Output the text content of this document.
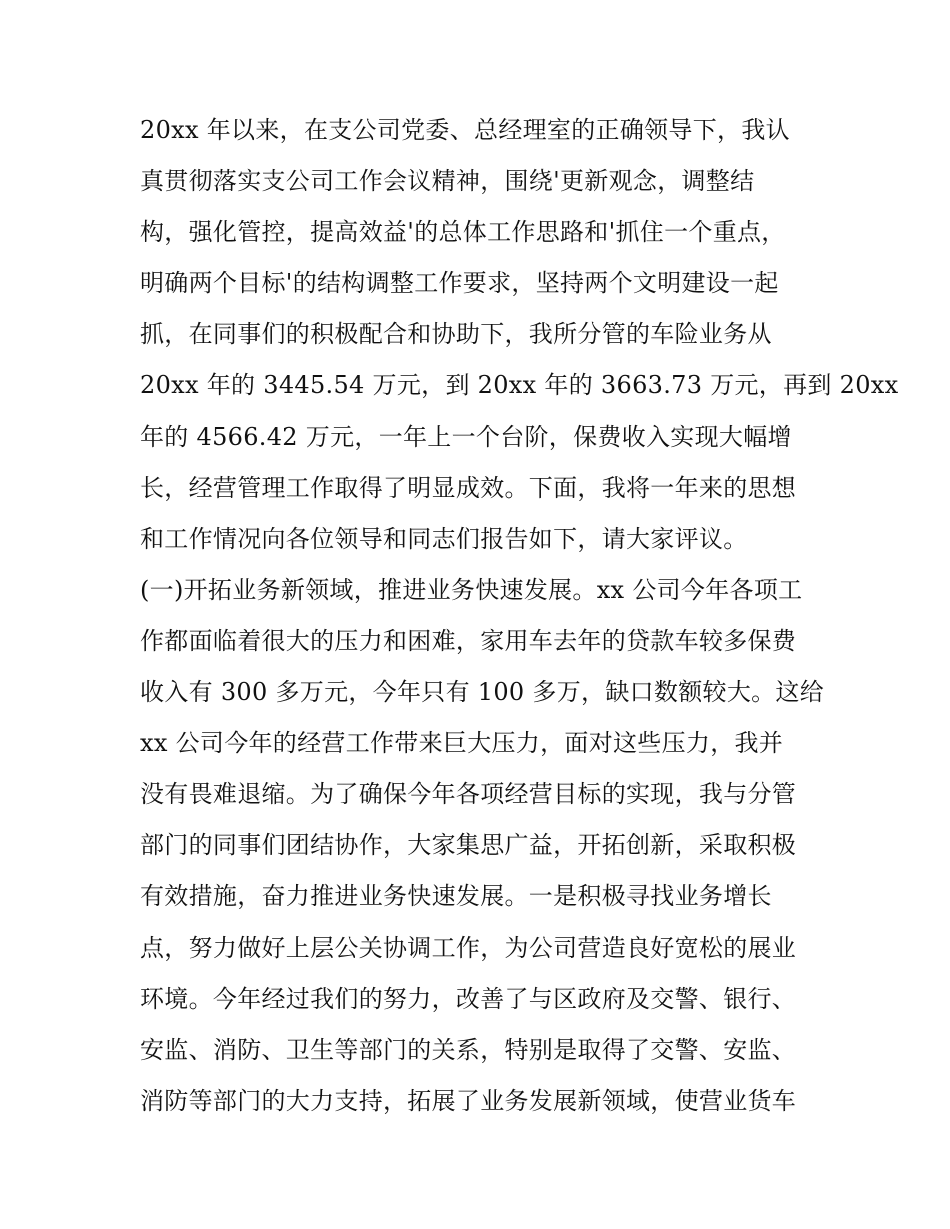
20xx 年以来，在支公司党委、总经理室的正确领导下，我认
真贯彻落实支公司工作会议精神，围绕'更新观念，调整结
构，强化管控，提高效益'的总体工作思路和'抓住一个重点，
明确两个目标'的结构调整工作要求，坚持两个文明建设一起
抓，在同事们的积极配合和协助下，我所分管的车险业务从
20xx 年的 3445.54 万元，到 20xx 年的 3663.73 万元，再到 20xx
年的 4566.42 万元，一年上一个台阶，保费收入实现大幅增
长，经营管理工作取得了明显成效。下面，我将一年来的思想
和工作情况向各位领导和同志们报告如下，请大家评议。
(一)开拓业务新领域，推进业务快速发展。xx 公司今年各项工
作都面临着很大的压力和困难，家用车去年的贷款车较多保费
收入有 300 多万元，今年只有 100 多万，缺口数额较大。这给
xx 公司今年的经营工作带来巨大压力，面对这些压力，我并
没有畏难退缩。为了确保今年各项经营目标的实现，我与分管
部门的同事们团结协作，大家集思广益，开拓创新，采取积极
有效措施，奋力推进业务快速发展。一是积极寻找业务增长
点，努力做好上层公关协调工作，为公司营造良好宽松的展业
环境。今年经过我们的努力，改善了与区政府及交警、银行、
安监、消防、卫生等部门的关系，特别是取得了交警、安监、
消防等部门的大力支持，拓展了业务发展新领域，使营业货车
